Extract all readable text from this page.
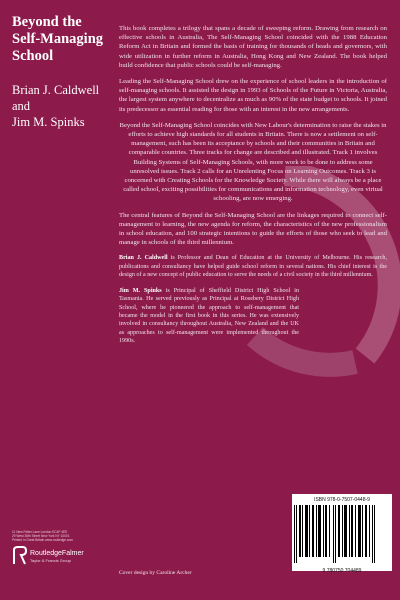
Beyond the
Self-Managing
School
Brian J. Caldwell
and
Jim M. Spinks

This book completes a trilogy that spans a decade of sweeping reform. Drawing from research on effective schools in Australia, The Self-Managing School coincided with the 1988 Education Reform Act in Britain and formed the basis of training for thousands of heads and governors, with wide utilization in further reform in Australia, Hong Kong and New Zealand. The book helped build confidence that public schools could be self-managing.

Leading the Self-Managing School drew on the experience of school leaders in the introduction of self-managing schools. It assisted the design in 1993 of Schools of the Future in Victoria, Australia, the largest system anywhere to decentralize as much as 90% of the state budget to schools. It joined its predecessor as essential reading for those with an interest in the new arrangements.

Beyond the Self-Managing School coincides with New Labour's determination to raise the stakes in efforts to achieve high standards for all students in Britain. There is now a settlement on self-management, such has been its acceptance by schools and their communities in Britain and comparable countries. Three tracks for change are described and illustrated. Track 1 involves Building Systems of Self-Managing Schools, with more work to be done to address some unresolved issues. Track 2 calls for an Unrelenting Focus on Learning Outcomes. Track 3 is concerned with Creating Schools for the Knowledge Society. While there will always be a place called school, exciting possibilities for communications and information technology, even virtual schooling, are now emerging.

The central features of Beyond the Self-Managing School are the linkages required to connect self-management to learning, the new agenda for reform, the characteristics of the new professionalism in school education, and 100 strategic intentions to guide the efforts of those who seek to lead and manage in schools of the third millennium.

Brian J. Caldwell is Professor and Dean of Education at the University of Melbourne. His research, publications and consultancy have helped guide school reform in several nations. His chief interest is the design of a new concept of public education to serve the needs of a civil society in the third millennium.

Jim M. Spinks is Principal of Sheffield District High School in Tasmania. He served previously as Principal at Rosebery District High School, where he pioneered the approach to self-management that became the model in the first book in this series. He was extensively involved in consultancy throughout Australia, New Zealand and the UK as approaches to self-management were implemented throughout the 1990s.

Cover design by Caroline Archer
ISBN 978-0-7507-0448-9
9 780750 704489
11 New Fetter Lane London EC4P 4EE
29 West 35th Street New York NY 10001
Printed in Great Britain www.routledge.com
RoutledgeFalmer
Taylor & Francis Group
